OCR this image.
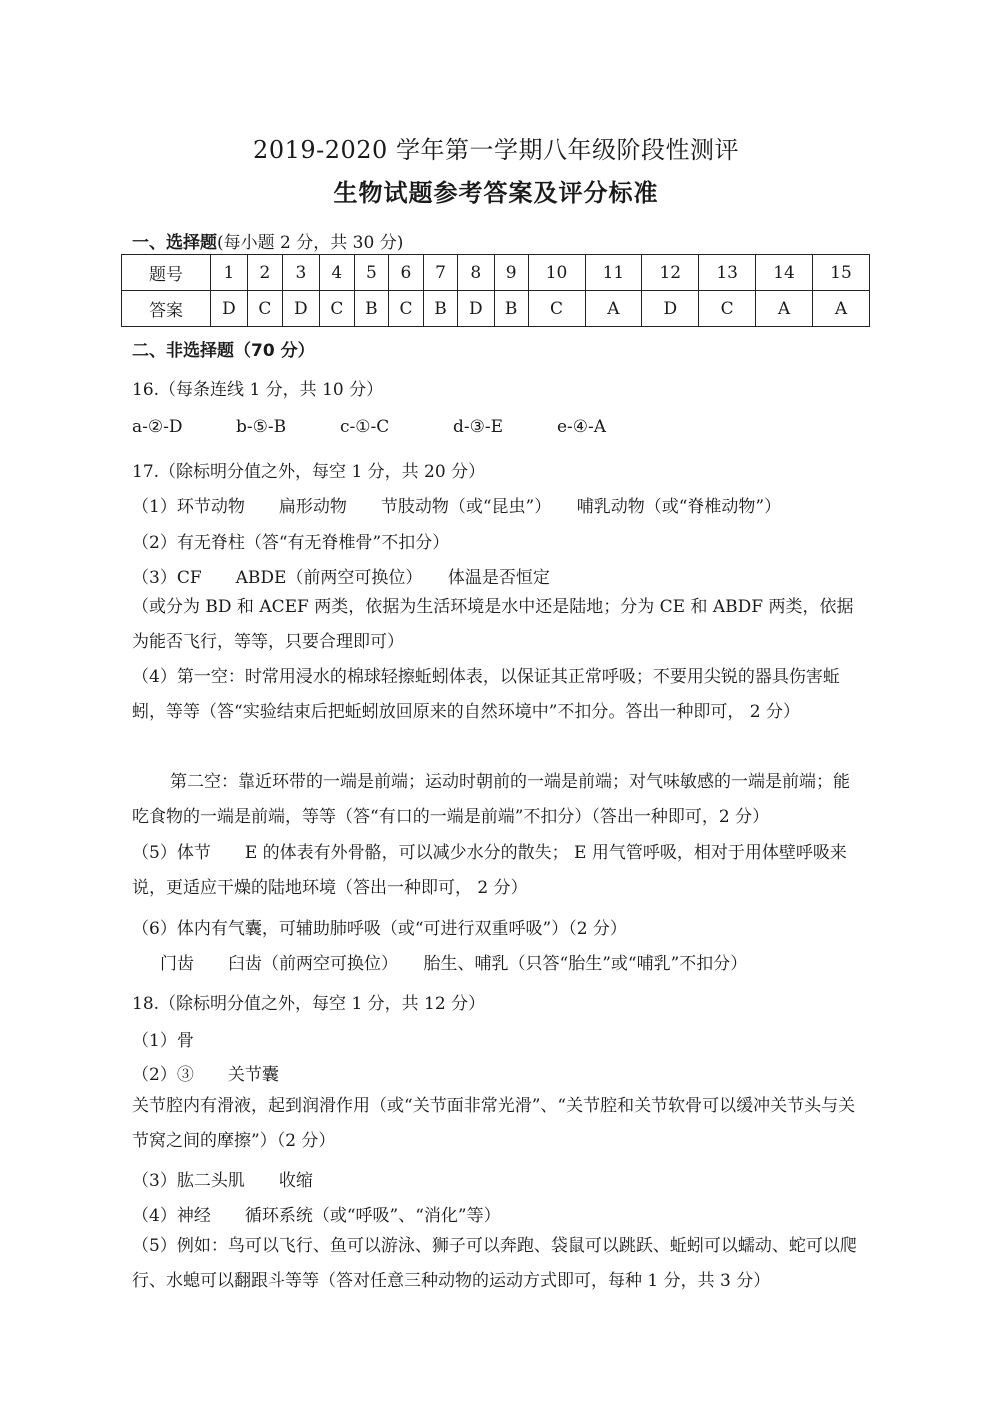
2019-2020 学年第一学期八年级阶段性测评
生物试题参考答案及评分标准
一、选择题(每小题 2 分，共 30 分)
题号	1	2	3	4	5	6	7	8	9	10	11	12	13	14	15
答案	D	C	D	C	B	C	B	D	B	C	A	D	C	A	A
二、非选择题（70 分）
16.（每条连线 1 分，共 10 分）
a-②-D	b-⑤-B	c-①-C	d-③-E	e-④-A
17.（除标明分值之外，每空 1 分，共 20 分）
（1）环节动物　　扁形动物　　节肢动物（或“昆虫”）　　哺乳动物（或“脊椎动物”）
（2）有无脊柱（答“有无脊椎骨”不扣分）
（3）CF　　ABDE（前两空可换位）　　体温是否恒定
（或分为 BD 和 ACEF 两类，依据为生活环境是水中还是陆地；分为 CE 和 ABDF 两类，依据为能否飞行，等等，只要合理即可）
（4）第一空：时常用浸水的棉球轻擦蚯蚓体表，以保证其正常呼吸；不要用尖锐的器具伤害蚯蚓，等等（答“实验结束后把蚯蚓放回原来的自然环境中”不扣分。答出一种即可， 2 分）
第二空：靠近环带的一端是前端；运动时朝前的一端是前端；对气味敏感的一端是前端；能吃食物的一端是前端，等等（答“有口的一端是前端”不扣分）（答出一种即可，2 分）
（5）体节　　E 的体表有外骨骼，可以减少水分的散失； E 用气管呼吸，相对于用体壁呼吸来说，更适应干燥的陆地环境（答出一种即可， 2 分）
（6）体内有气囊，可辅助肺呼吸（或“可进行双重呼吸”）（2 分）
门齿　　臼齿（前两空可换位）　　胎生、哺乳（只答“胎生”或“哺乳”不扣分）
18.（除标明分值之外，每空 1 分，共 12 分）
（1）骨
（2）③　　关节囊
关节腔内有滑液，起到润滑作用（或“关节面非常光滑”、“关节腔和关节软骨可以缓冲关节头与关节窝之间的摩擦”）（2 分）
（3）肱二头肌　　收缩
（4）神经　　循环系统（或“呼吸”、“消化”等）
（5）例如：鸟可以飞行、鱼可以游泳、狮子可以奔跑、袋鼠可以跳跃、蚯蚓可以蠕动、蛇可以爬行、水螅可以翻跟斗等等（答对任意三种动物的运动方式即可，每种 1 分，共 3 分）
